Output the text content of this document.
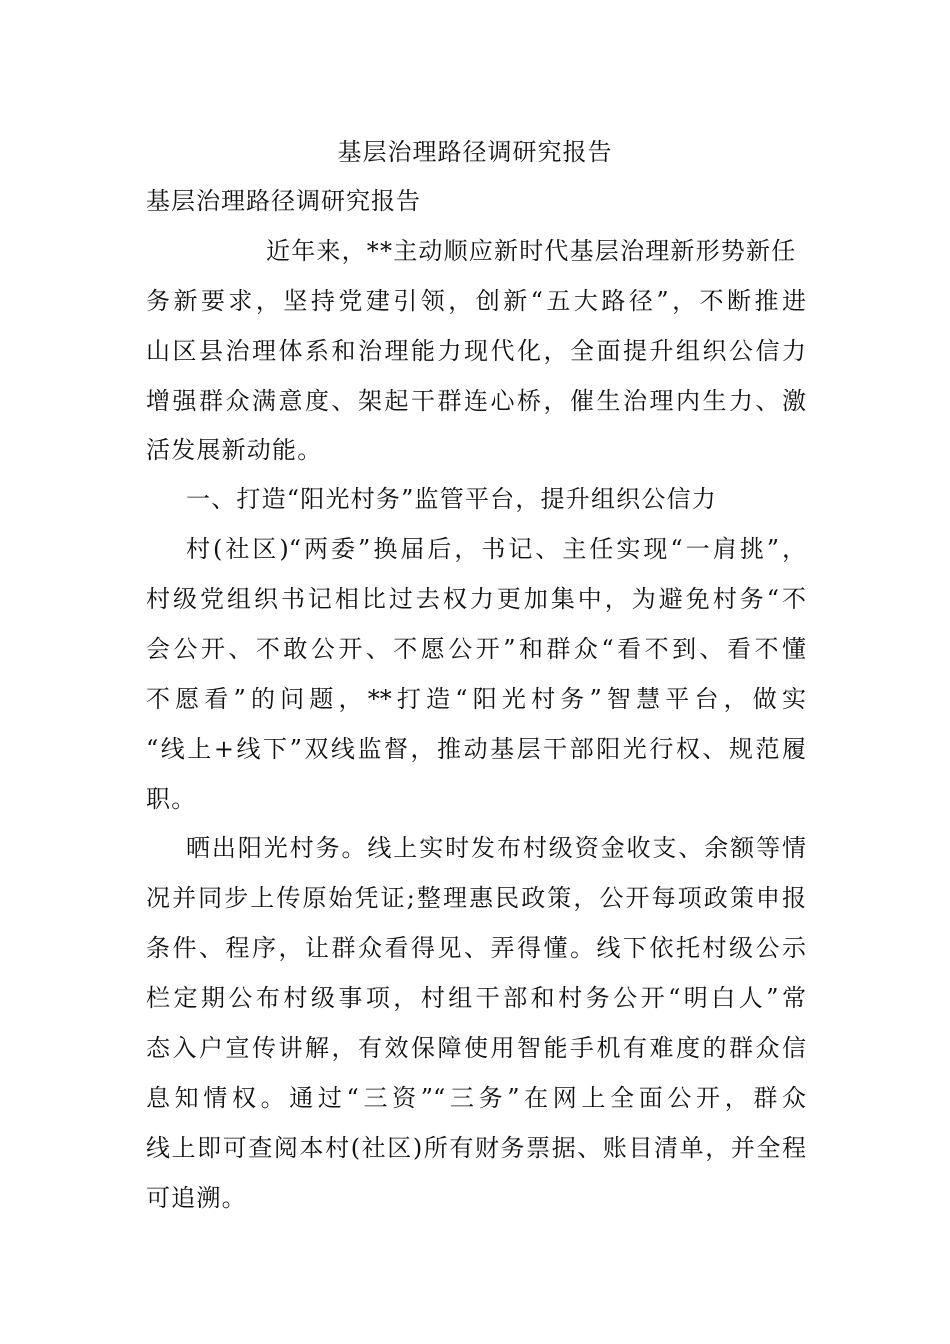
基层治理路径调研究报告
基层治理路径调研究报告
近年来，**主动顺应新时代基层治理新形势新任
务新要求，坚持党建引领，创新“五大路径”，不断推进
山区县治理体系和治理能力现代化，全面提升组织公信力
增强群众满意度、架起干群连心桥，催生治理内生力、激
活发展新动能。
一、打造“阳光村务”监管平台，提升组织公信力
村(社区)“两委”换届后，书记、主任实现“一肩挑”，
村级党组织书记相比过去权力更加集中，为避免村务“不
会公开、不敢公开、不愿公开”和群众“看不到、看不懂
不愿看”的问题，**打造“阳光村务”智慧平台，做实
“线上+线下”双线监督，推动基层干部阳光行权、规范履
职。
晒出阳光村务。线上实时发布村级资金收支、余额等情
况并同步上传原始凭证;整理惠民政策，公开每项政策申报
条件、程序，让群众看得见、弄得懂。线下依托村级公示
栏定期公布村级事项，村组干部和村务公开“明白人”常
态入户宣传讲解，有效保障使用智能手机有难度的群众信
息知情权。通过“三资”“三务”在网上全面公开，群众
线上即可查阅本村(社区)所有财务票据、账目清单，并全程
可追溯。
